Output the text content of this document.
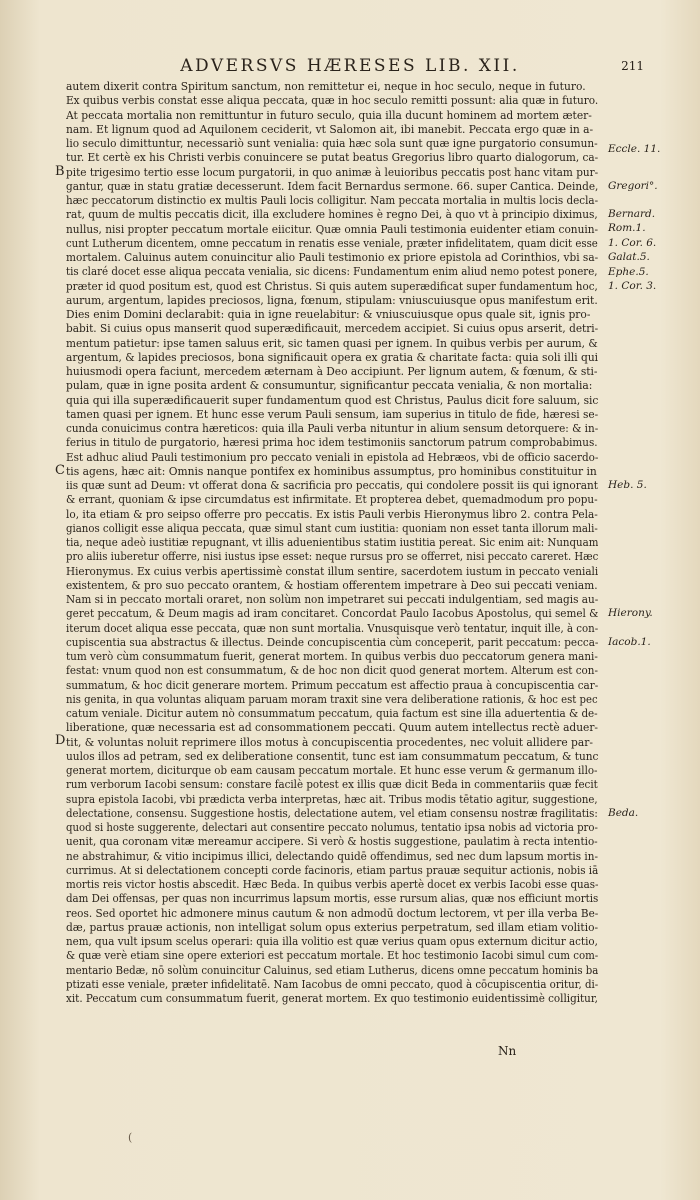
ADVERSVS HÆRESES LIB. XII.	211
autem dixerit contra Spiritum sanctum, non remittetur ei, neque in hoc seculo, neque in futuro.
Ex quibus verbis constat esse aliqua peccata, quæ in hoc seculo remitti possunt: alia quæ in futuro.
At peccata mortalia non remittuntur in futuro seculo, quia illa ducunt hominem ad mortem æter-
nam. Et lignum quod ad Aquilonem ceciderit, vt Salomon ait, ibi manebit. Peccata ergo quæ in a-
lio seculo dimittuntur, necessariò sunt venialia: quia hæc sola sunt quæ igne purgatorio consumun-
tur. Et certè ex his Christi verbis conuincere se putat beatus Gregorius libro quarto dialogorum, ca-
pite trigesimo tertio esse locum purgatorii, in quo animæ à leuioribus peccatis post hanc vitam pur-
gantur, quæ in statu gratiæ decesserunt. Idem facit Bernardus sermone. 66. super Cantica. Deinde,
hæc peccatorum distinctio ex multis Pauli locis colligitur. Nam peccata mortalia in multis locis decla-
rat, quum de multis peccatis dicit, illa excludere homines è regno Dei, à quo vt à principio diximus,
nullus, nisi propter peccatum mortale eiicitur. Quæ omnia Pauli testimonia euidenter etiam conuin-
cunt Lutherum dicentem, omne peccatum in renatis esse veniale, præter infidelitatem, quam dicit esse
mortalem. Caluinus autem conuincitur alio Pauli testimonio ex priore epistola ad Corinthios, vbi sa-
tis claré docet esse aliqua peccata venialia, sic dicens: Fundamentum enim aliud nemo potest ponere,
præter id quod positum est, quod est Christus. Si quis autem superædificat super fundamentum hoc,
aurum, argentum, lapides preciosos, ligna, fœnum, stipulam: vniuscuiusque opus manifestum erit.
Dies enim Domini declarabit: quia in igne reuelabitur: & vniuscuiusque opus quale sit, ignis pro-
babit. Si cuius opus manserit quod superædificauit, mercedem accipiet. Si cuius opus arserit, detri-
mentum patietur: ipse tamen saluus erit, sic tamen quasi per ignem. In quibus verbis per aurum, &
argentum, & lapides preciosos, bona significauit opera ex gratia & charitate facta: quia soli illi qui
huiusmodi opera faciunt, mercedem æternam à Deo accipiunt. Per lignum autem, & fœnum, & sti-
pulam, quæ in igne posita ardent & consumuntur, significantur peccata venialia, & non mortalia:
quia qui illa superædificauerit super fundamentum quod est Christus, Paulus dicit fore saluum, sic
tamen quasi per ignem. Et hunc esse verum Pauli sensum, iam superius in titulo de fide, hæresi se-
cunda conuicimus contra hæreticos: quia illa Pauli verba nituntur in alium sensum detorquere: & in-
ferius in titulo de purgatorio, hæresi prima hoc idem testimoniis sanctorum patrum comprobabimus.
Est adhuc aliud Pauli testimonium pro peccato veniali in epistola ad Hebræos, vbi de officio sacerdo-
tis agens, hæc ait: Omnis nanque pontifex ex hominibus assumptus, pro hominibus constituitur in
iis quæ sunt ad Deum: vt offerat dona & sacrificia pro peccatis, qui condolere possit iis qui ignorant
& errant, quoniam & ipse circumdatus est infirmitate. Et propterea debet, quemadmodum pro popu-
lo, ita etiam & pro seipso offerre pro peccatis. Ex istis Pauli verbis Hieronymus libro 2. contra Pela-
gianos colligit esse aliqua peccata, quæ simul stant cum iustitia: quoniam non esset tanta illorum mali-
tia, neque adeò iustitiæ repugnant, vt illis aduenientibus statim iustitia pereat. Sic enim ait: Nunquam
pro aliis iuberetur offerre, nisi iustus ipse esset: neque rursus pro se offerret, nisi peccato careret. Hæc
Hieronymus. Ex cuius verbis apertissimè constat illum sentire, sacerdotem iustum in peccato veniali
existentem, & pro suo peccato orantem, & hostiam offerentem impetrare à Deo sui peccati veniam.
Nam si in peccato mortali oraret, non solùm non impetraret sui peccati indulgentiam, sed magis au-
geret peccatum, & Deum magis ad iram concitaret. Concordat Paulo Iacobus Apostolus, qui semel &
iterum docet aliqua esse peccata, quæ non sunt mortalia. Vnusquisque verò tentatur, inquit ille, à con-
cupiscentia sua abstractus & illectus. Deinde concupiscentia cùm conceperit, parit peccatum: pecca-
tum verò cùm consummatum fuerit, generat mortem. In quibus verbis duo peccatorum genera mani-
festat: vnum quod non est consummatum, & de hoc non dicit quod generat mortem. Alterum est con-
summatum, & hoc dicit generare mortem. Primum peccatum est affectio praua à concupiscentia car-
nis genita, in qua voluntas aliquam paruam moram traxit sine vera deliberatione rationis, & hoc est pec
catum veniale. Dicitur autem nò consummatum peccatum, quia factum est sine illa aduertentia & de-
liberatione, quæ necessaria est ad consommationem peccati. Quum autem intellectus rectè aduer-
tit, & voluntas noluit reprimere illos motus à concupiscentia procedentes, nec voluit allidere par-
uulos illos ad petram, sed ex deliberatione consentit, tunc est iam consummatum peccatum, & tunc
generat mortem, diciturque ob eam causam peccatum mortale. Et hunc esse verum & germanum illo-
rum verborum Iacobi sensum: constare facilè potest ex illis quæ dicit Beda in commentariis quæ fecit
supra epistola Iacobi, vbi prædicta verba interpretas, hæc ait. Tribus modis tētatio agitur, suggestione,
delectatione, consensu. Suggestione hostis, delectatione autem, vel etiam consensu nostræ fragilitatis:
quod si hoste suggerente, delectari aut consentire peccato nolumus, tentatio ipsa nobis ad victoria pro-
uenit, qua coronam vitæ mereamur accipere. Si verò & hostis suggestione, paulatim à recta intentio-
ne abstrahimur, & vitio incipimus illici, delectando quidē offendimus, sed nec dum lapsum mortis in-
currimus. At si delectationem concepti corde facinoris, etiam partus prauæ sequitur actionis, nobis iā
mortis reis victor hostis abscedit. Hæc Beda. In quibus verbis apertè docet ex verbis Iacobi esse quas-
dam Dei offensas, per quas non incurrimus lapsum mortis, esse rursum alias, quæ nos efficiunt mortis
reos. Sed oportet hic admonere minus cautum & non admodū doctum lectorem, vt per illa verba Be-
dæ, partus prauæ actionis, non intelligat solum opus exterius perpetratum, sed illam etiam volitio-
nem, qua vult ipsum scelus operari: quia illa volitio est quæ verius quam opus externum dicitur actio,
& quæ verè etiam sine opere exteriori est peccatum mortale. Et hoc testimonio Iacobi simul cum com-
mentario Bedæ, nō solùm conuincitur Caluinus, sed etiam Lutherus, dicens omne peccatum hominis ba
ptizati esse veniale, præter infidelitatē. Nam Iacobus de omni peccato, quod à cōcupiscentia oritur, di-
xit. Peccatum cum consummatum fuerit, generat mortem. Ex quo testimonio euidentissimè colligitur,
B
C
D
Eccle. 11.
Gregori°.
Bernard.
Rom.1.
1. Cor. 6.
Galat.5.
Ephe.5.
1. Cor. 3.
Heb. 5.
Hierony.
Iacob.1.
Beda.
Nn
(
